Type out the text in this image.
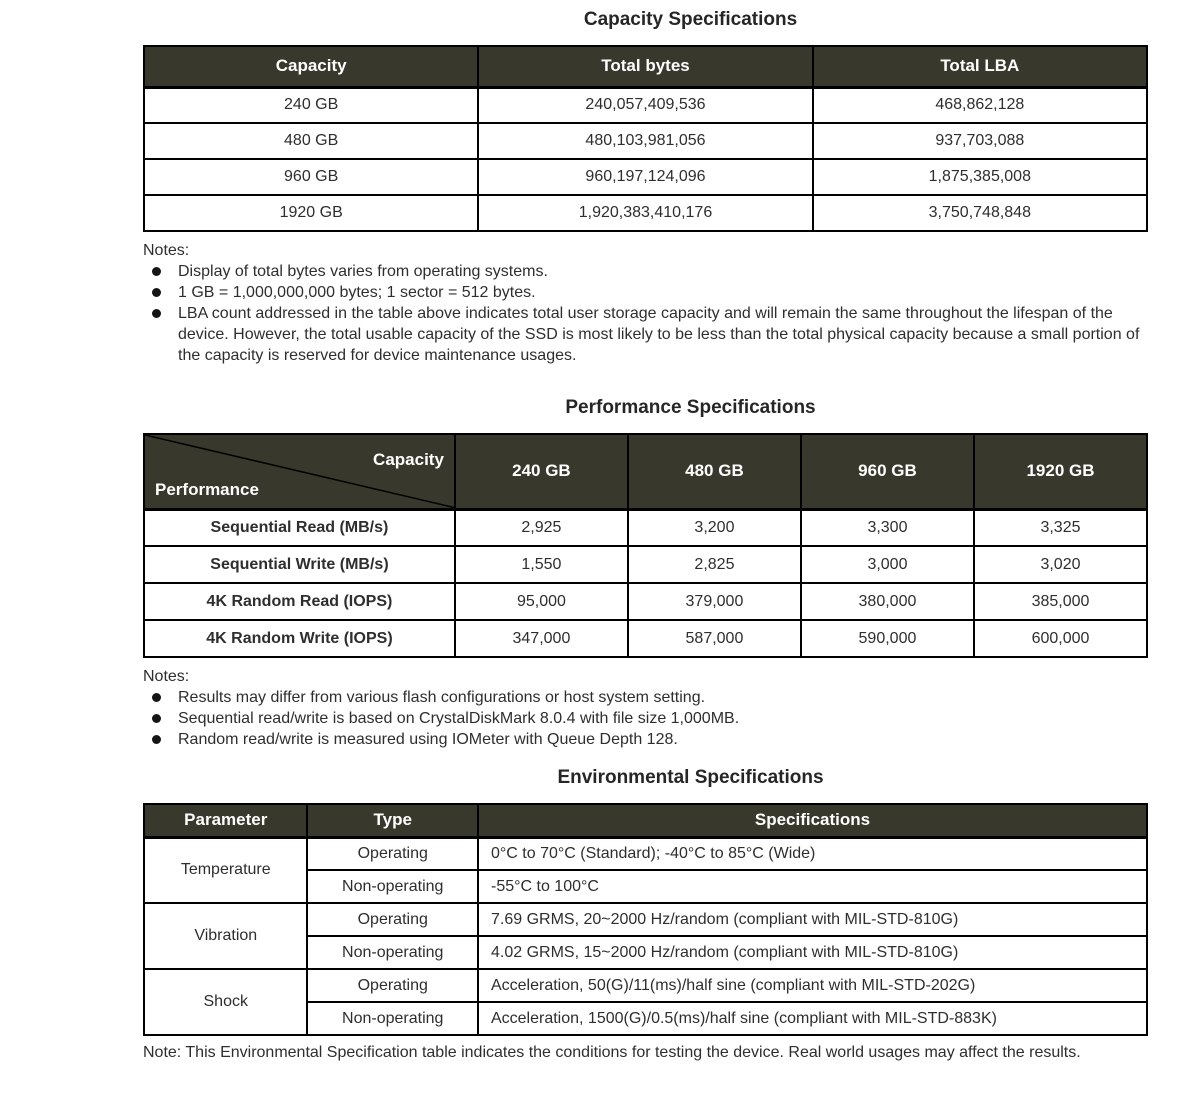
Capacity Specifications
Capacity	Total bytes	Total LBA
240 GB	240,057,409,536	468,862,128
480 GB	480,103,981,056	937,703,088
960 GB	960,197,124,096	1,875,385,008
1920 GB	1,920,383,410,176	3,750,748,848
Notes:
Display of total bytes varies from operating systems.
1 GB = 1,000,000,000 bytes; 1 sector = 512 bytes.
LBA count addressed in the table above indicates total user storage capacity and will remain the same throughout the lifespan of the device. However, the total usable capacity of the SSD is most likely to be less than the total physical capacity because a small portion of the capacity is reserved for device maintenance usages.
Performance Specifications
Capacity
Performance	240 GB	480 GB	960 GB	1920 GB
Sequential Read (MB/s)	2,925	3,200	3,300	3,325
Sequential Write (MB/s)	1,550	2,825	3,000	3,020
4K Random Read (IOPS)	95,000	379,000	380,000	385,000
4K Random Write (IOPS)	347,000	587,000	590,000	600,000
Notes:
Results may differ from various flash configurations or host system setting.
Sequential read/write is based on CrystalDiskMark 8.0.4 with file size 1,000MB.
Random read/write is measured using IOMeter with Queue Depth 128.
Environmental Specifications
Parameter	Type	Specifications
Temperature	Operating	0°C to 70°C (Standard); -40°C to 85°C (Wide)
	Non-operating	-55°C to 100°C
Vibration	Operating	7.69 GRMS, 20~2000 Hz/random (compliant with MIL-STD-810G)
	Non-operating	4.02 GRMS, 15~2000 Hz/random (compliant with MIL-STD-810G)
Shock	Operating	Acceleration, 50(G)/11(ms)/half sine (compliant with MIL-STD-202G)
	Non-operating	Acceleration, 1500(G)/0.5(ms)/half sine (compliant with MIL-STD-883K)
Note: This Environmental Specification table indicates the conditions for testing the device. Real world usages may affect the results.
